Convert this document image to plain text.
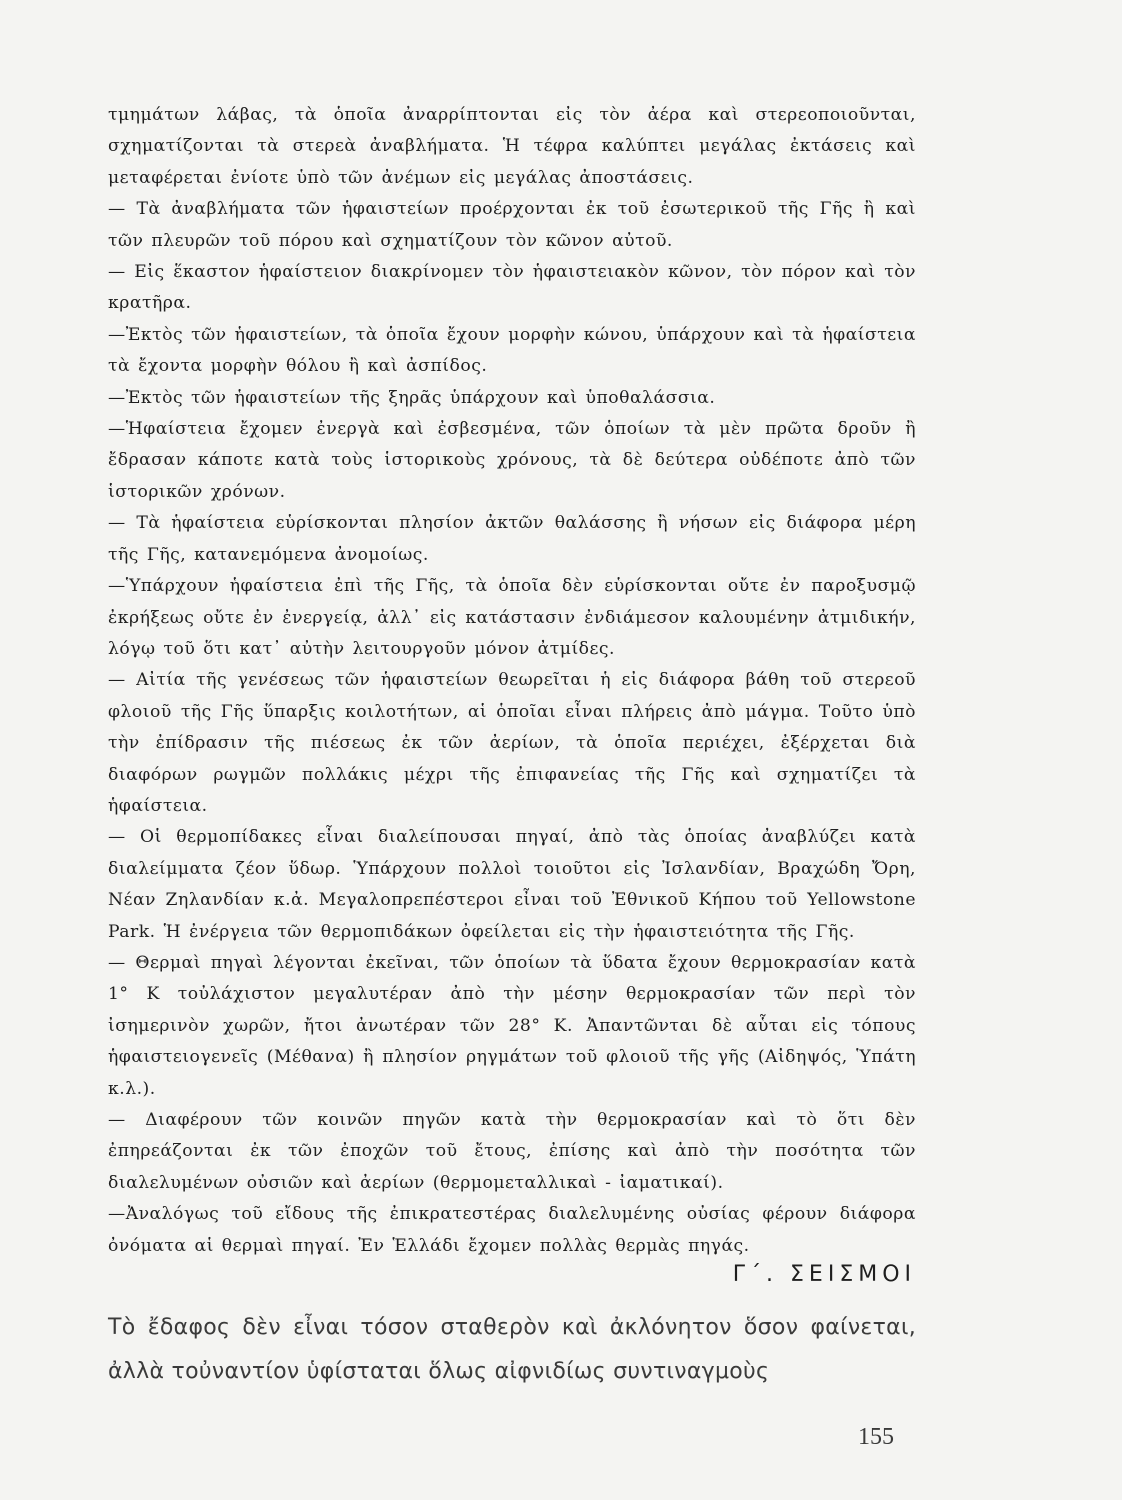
τμημάτων λάβας, τὰ ὁποῖα ἀναρρίπτονται εἰς τὸν ἀέρα καὶ στερεοποιοῦνται, σχηματίζονται τὰ στερεὰ ἀναβλήματα. Ἡ τέφρα καλύπτει μεγάλας ἐκτάσεις καὶ μεταφέρεται ἐνίοτε ὑπὸ τῶν ἀνέμων εἰς μεγάλας ἀποστάσεις.

— Τὰ ἀναβλήματα τῶν ἡφαιστείων προέρχονται ἐκ τοῦ ἐσωτερικοῦ τῆς Γῆς ἢ καὶ τῶν πλευρῶν τοῦ πόρου καὶ σχηματίζουν τὸν κῶνον αὐτοῦ.

— Εἰς ἕκαστον ἡφαίστειον διακρίνομεν τὸν ἡφαιστειακὸν κῶνον, τὸν πόρον καὶ τὸν κρατῆρα.

—Ἐκτὸς τῶν ἡφαιστείων, τὰ ὁποῖα ἔχουν μορφὴν κώνου, ὑπάρχουν καὶ τὰ ἡφαίστεια τὰ ἔχοντα μορφὴν θόλου ἢ καὶ ἀσπίδος.

—Ἐκτὸς τῶν ἡφαιστείων τῆς ξηρᾶς ὑπάρχουν καὶ ὑποθαλάσσια.

—Ἡφαίστεια ἔχομεν ἐνεργὰ καὶ ἐσβεσμένα, τῶν ὁποίων τὰ μὲν πρῶτα δροῦν ἢ ἔδρασαν κάποτε κατὰ τοὺς ἱστορικοὺς χρόνους, τὰ δὲ δεύτερα οὐδέποτε ἀπὸ τῶν ἱστορικῶν χρόνων.

— Τὰ ἡφαίστεια εὑρίσκονται πλησίον ἀκτῶν θαλάσσης ἢ νήσων εἰς διάφορα μέρη τῆς Γῆς, κατανεμόμενα ἀνομοίως.

—Ὑπάρχουν ἡφαίστεια ἐπὶ τῆς Γῆς, τὰ ὁποῖα δὲν εὑρίσκονται οὔτε ἐν παροξυσμῷ ἐκρήξεως οὔτε ἐν ἐνεργείᾳ, ἀλλ᾽ εἰς κατάστασιν ἐνδιάμεσον καλουμένην ἀτμιδικήν, λόγῳ τοῦ ὅτι κατ᾽ αὐτὴν λειτουργοῦν μόνον ἀτμίδες.

— Αἰτία τῆς γενέσεως τῶν ἡφαιστείων θεωρεῖται ἡ εἰς διάφορα βάθη τοῦ στερεοῦ φλοιοῦ τῆς Γῆς ὕπαρξις κοιλοτήτων, αἱ ὁποῖαι εἶναι πλήρεις ἀπὸ μάγμα. Τοῦτο ὑπὸ τὴν ἐπίδρασιν τῆς πιέσεως ἐκ τῶν ἀερίων, τὰ ὁποῖα περιέχει, ἐξέρχεται διὰ διαφόρων ρωγμῶν πολλάκις μέχρι τῆς ἐπιφανείας τῆς Γῆς καὶ σχηματίζει τὰ ἡφαίστεια.

— Οἱ θερμοπίδακες εἶναι διαλείπουσαι πηγαί, ἀπὸ τὰς ὁποίας ἀναβλύζει κατὰ διαλείμματα ζέον ὕδωρ. Ὑπάρχουν πολλοὶ τοιοῦτοι εἰς Ἰσλανδίαν, Βραχώδη Ὄρη, Νέαν Ζηλανδίαν κ.ἀ. Μεγαλοπρεπέστεροι εἶναι τοῦ Ἐθνικοῦ Κήπου τοῦ Yellowstone Park. Ἡ ἐνέργεια τῶν θερμοπιδάκων ὀφείλεται εἰς τὴν ἡφαιστειότητα τῆς Γῆς.

— Θερμαὶ πηγαὶ λέγονται ἐκεῖναι, τῶν ὁποίων τὰ ὕδατα ἔχουν θερμοκρασίαν κατὰ 1° Κ τοὐλάχιστον μεγαλυτέραν ἀπὸ τὴν μέσην θερμοκρασίαν τῶν περὶ τὸν ἰσημερινὸν χωρῶν, ἤτοι ἀνωτέραν τῶν 28° Κ. Ἀπαντῶνται δὲ αὗται εἰς τόπους ἡφαιστειογενεῖς (Μέθανα) ἢ πλησίον ρηγμάτων τοῦ φλοιοῦ τῆς γῆς (Αἰδηψός, Ὑπάτη κ.λ.).

— Διαφέρουν τῶν κοινῶν πηγῶν κατὰ τὴν θερμοκρασίαν καὶ τὸ ὅτι δὲν ἐπηρεάζονται ἐκ τῶν ἐποχῶν τοῦ ἔτους, ἐπίσης καὶ ἀπὸ τὴν ποσότητα τῶν διαλελυμένων οὐσιῶν καὶ ἀερίων (θερμομεταλλικαὶ - ἰαματικαί).

—Ἀναλόγως τοῦ εἴδους τῆς ἐπικρατεστέρας διαλελυμένης οὐσίας φέρουν διάφορα ὀνόματα αἱ θερμαὶ πηγαί. Ἐν Ἑλλάδι ἔχομεν πολλὰς θερμὰς πηγάς.

Γ΄. ΣΕΙΣΜΟΙ

Τὸ ἔδαφος δὲν εἶναι τόσον σταθερὸν καὶ ἀκλόνητον ὅσον φαίνεται, ἀλλὰ τοὐναντίον ὑφίσταται ὅλως αἰφνιδίως συντιναγμοὺς

155
